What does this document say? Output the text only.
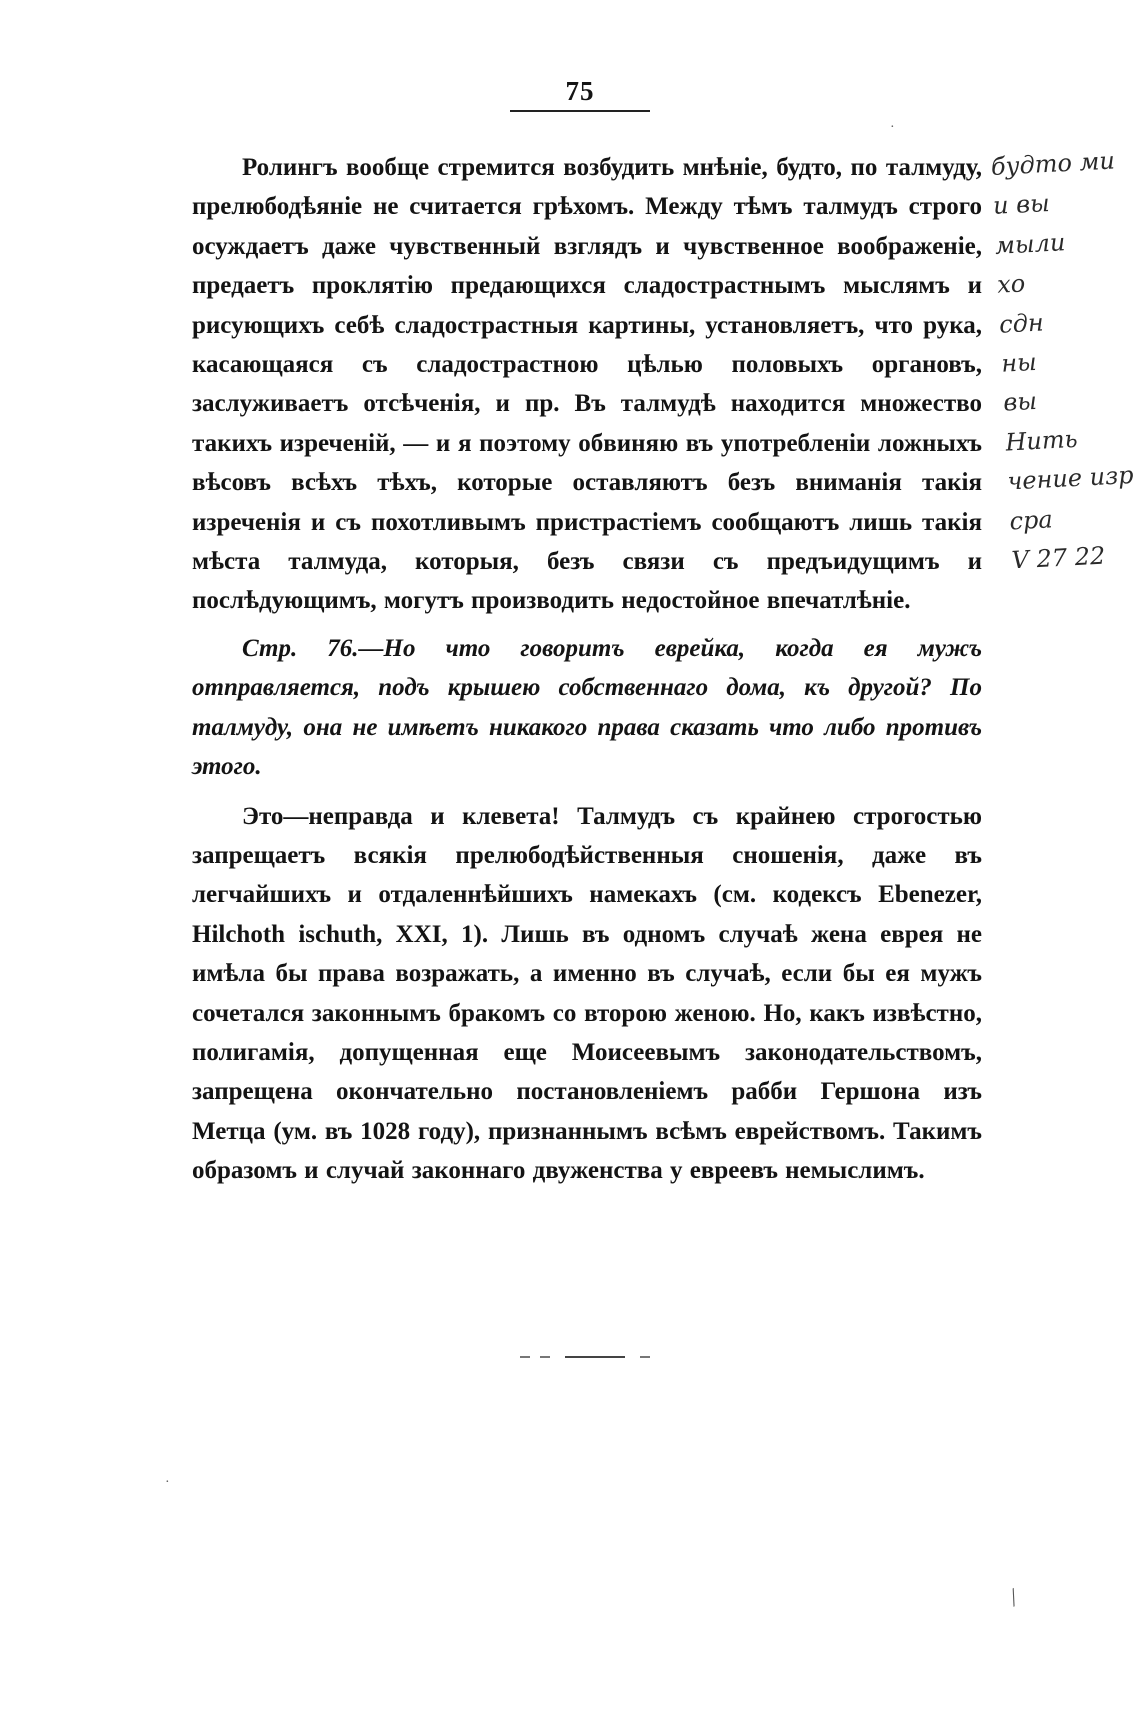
75

Ролингъ вообще стремится возбудить мнѣніе, будто, по талмуду, прелюбодѣяніе не считается грѣхомъ. Между тѣмъ талмудъ строго осуждаетъ даже чувственный взглядъ и чувственное воображеніе, предаетъ проклятію предающихся сладострастнымъ мыслямъ и рисующихъ себѣ сладострастныя картины, установляетъ, что рука, касающаяся съ сладострастною цѣлью половыхъ органовъ, заслуживаетъ отсѣченія, и пр. Въ талмудѣ находится множество такихъ изреченій, — и я поэтому обвиняю въ употребленіи ложныхъ вѣсовъ всѣхъ тѣхъ, которые оставляютъ безъ вниманія такія изреченія и съ похотливымъ пристрастіемъ сообщаютъ лишь такія мѣста талмуда, которыя, безъ связи съ предъидущимъ и послѣдующимъ, могутъ производить недостойное впечатлѣніе.

Стр. 76.—Но что говоритъ еврейка, когда ея мужъ отправляется, подъ крышею собственнаго дома, къ другой? По талмуду, она не имѣетъ никакого права сказать что либо противъ этого.

Это—неправда и клевета! Талмудъ съ крайнею строгостью запрещаетъ всякія прелюбодѣйственныя сношенія, даже въ легчайшихъ и отдаленнѣйшихъ намекахъ (см. кодексъ Ebenezer, Hilchoth ischuth, XXI, 1). Лишь въ одномъ случаѣ жена еврея не имѣла бы права возражать, а именно въ случаѣ, если бы ея мужъ сочетался законнымъ бракомъ со второю женою. Но, какъ извѣстно, полигамія, допущенная еще Моисеевымъ законодательствомъ, запрещена окончательно постановленіемъ рабби Гершона изъ Метца (ум. въ 1028 году), признаннымъ всѣмъ еврействомъ. Такимъ образомъ и случай законнаго двуженства у евреевъ немыслимъ.

будто ми
и вы
мыли
хо
сдн
ны
вы
Нить
чение изр
сра
V 27 22
·
·
╱
